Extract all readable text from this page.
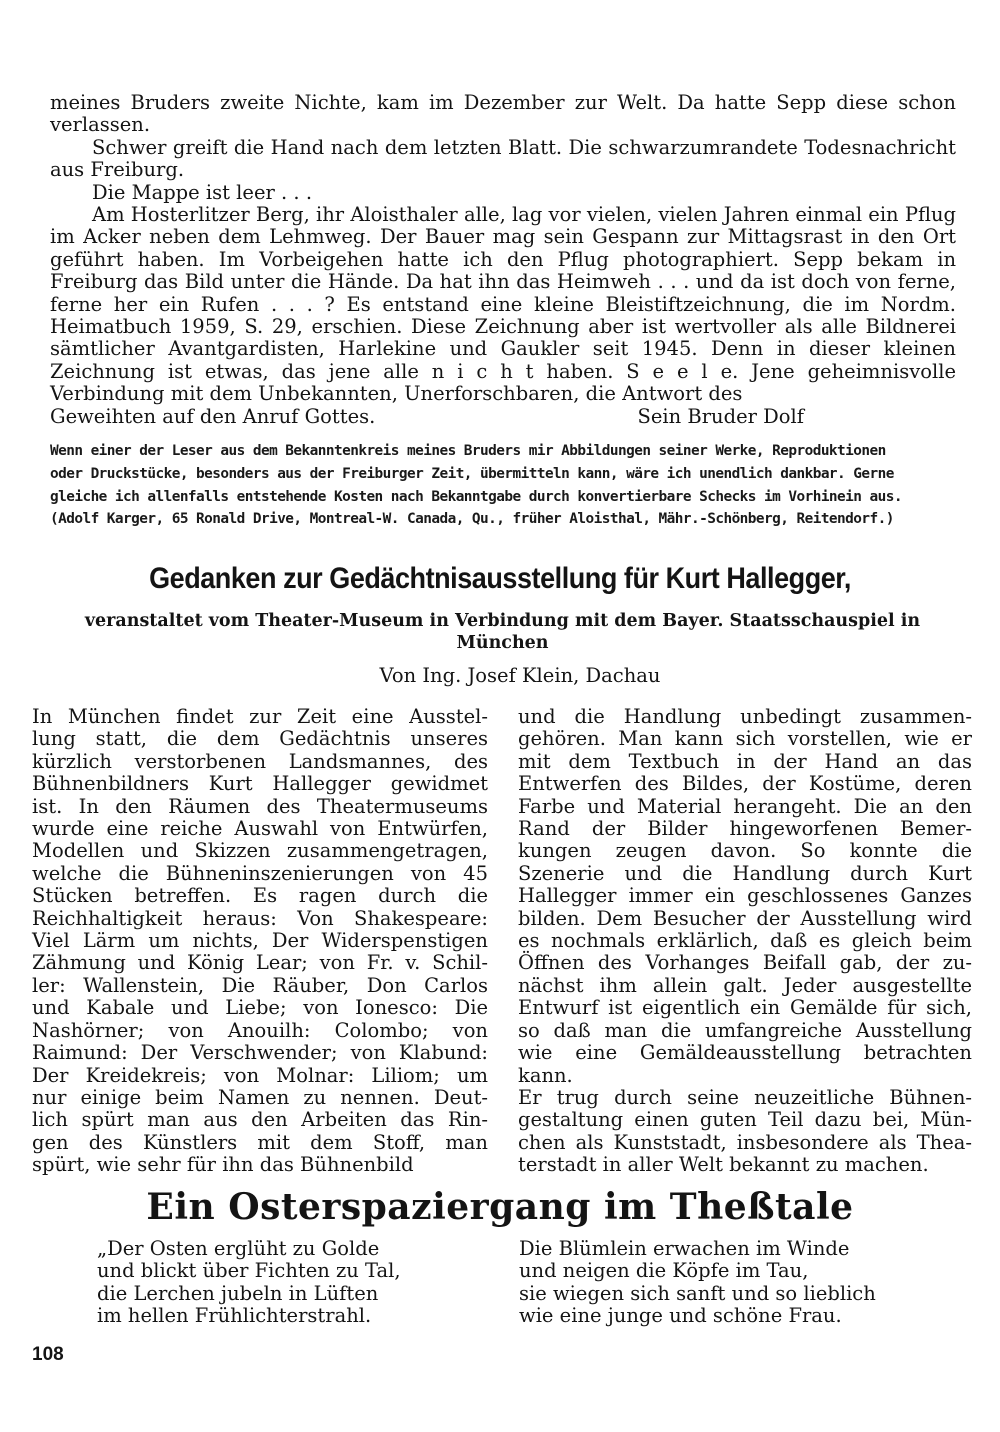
meines Bruders zweite Nichte, kam im Dezember zur Welt. Da hatte Sepp diese schon verlassen.

Schwer greift die Hand nach dem letzten Blatt. Die schwarzumrandete Todesnachricht aus Freiburg.

Die Mappe ist leer . . .

Am Hosterlitzer Berg, ihr Aloisthaler alle, lag vor vielen, vielen Jahren einmal ein Pflug im Acker neben dem Lehmweg. Der Bauer mag sein Gespann zur Mittagsrast in den Ort geführt haben. Im Vorbeigehen hatte ich den Pflug photographiert. Sepp bekam in Freiburg das Bild unter die Hände. Da hat ihn das Heimweh . . . und da ist doch von ferne, ferne her ein Rufen . . . ? Es entstand eine kleine Bleistiftzeichnung, die im Nordm. Heimatbuch 1959, S. 29, erschien. Diese Zeichnung aber ist wertvoller als alle Bildnerei sämtlicher Avantgardisten, Harlekine und Gaukler seit 1945. Denn in dieser kleinen Zeichnung ist etwas, das jene alle n i c h t haben. S e e l e. Jene geheimnisvolle Verbindung mit dem Unbekannten, Unerforschbaren, die Antwort des

Geweihten auf den Anruf Gottes.	Sein Bruder Dolf
Wenn einer der Leser aus dem Bekanntenkreis meines Bruders mir Abbildungen seiner Werke, Reproduktionen
oder Druckstücke, besonders aus der Freiburger Zeit, übermitteln kann, wäre ich unendlich dankbar. Gerne
gleiche ich allenfalls entstehende Kosten nach Bekanntgabe durch konvertierbare Schecks im Vorhinein aus.
(Adolf Karger, 65 Ronald Drive, Montreal-W. Canada, Qu., früher Aloisthal, Mähr.-Schönberg, Reitendorf.)
Gedanken zur Gedächtnisausstellung für Kurt Hallegger,
veranstaltet vom Theater-Museum in Verbindung mit dem Bayer. Staatsschauspiel in München
Von Ing. Josef Klein, Dachau
In München findet zur Zeit eine Ausstel-
lung statt, die dem Gedächtnis unseres
kürzlich verstorbenen Landsmannes, des
Bühnenbildners Kurt Hallegger gewidmet
ist. In den Räumen des Theatermuseums
wurde eine reiche Auswahl von Entwürfen,
Modellen und Skizzen zusammengetragen,
welche die Bühneninszenierungen von 45
Stücken betreffen. Es ragen durch die
Reichhaltigkeit heraus: Von Shakespeare:
Viel Lärm um nichts, Der Widerspenstigen
Zähmung und König Lear; von Fr. v. Schil-
ler: Wallenstein, Die Räuber, Don Carlos
und Kabale und Liebe; von Ionesco: Die
Nashörner; von Anouilh: Colombo; von
Raimund: Der Verschwender; von Klabund:
Der Kreidekreis; von Molnar: Liliom; um
nur einige beim Namen zu nennen. Deut-
lich spürt man aus den Arbeiten das Rin-
gen des Künstlers mit dem Stoff, man
spürt, wie sehr für ihn das Bühnenbild
und die Handlung unbedingt zusammen-
gehören. Man kann sich vorstellen, wie er
mit dem Textbuch in der Hand an das
Entwerfen des Bildes, der Kostüme, deren
Farbe und Material herangeht. Die an den
Rand der Bilder hingeworfenen Bemer-
kungen zeugen davon. So konnte die
Szenerie und die Handlung durch Kurt
Hallegger immer ein geschlossenes Ganzes
bilden. Dem Besucher der Ausstellung wird
es nochmals erklärlich, daß es gleich beim
Öffnen des Vorhanges Beifall gab, der zu-
nächst ihm allein galt. Jeder ausgestellte
Entwurf ist eigentlich ein Gemälde für sich,
so daß man die umfangreiche Ausstellung
wie eine Gemäldeausstellung betrachten
kann.
Er trug durch seine neuzeitliche Bühnen-
gestaltung einen guten Teil dazu bei, Mün-
chen als Kunststadt, insbesondere als Thea-
terstadt in aller Welt bekannt zu machen.
Ein Osterspaziergang im Theßtale
„Der Osten erglüht zu Golde
und blickt über Fichten zu Tal,
die Lerchen jubeln in Lüften
im hellen Frühlichterstrahl.
Die Blümlein erwachen im Winde
und neigen die Köpfe im Tau,
sie wiegen sich sanft und so lieblich
wie eine junge und schöne Frau.
108
